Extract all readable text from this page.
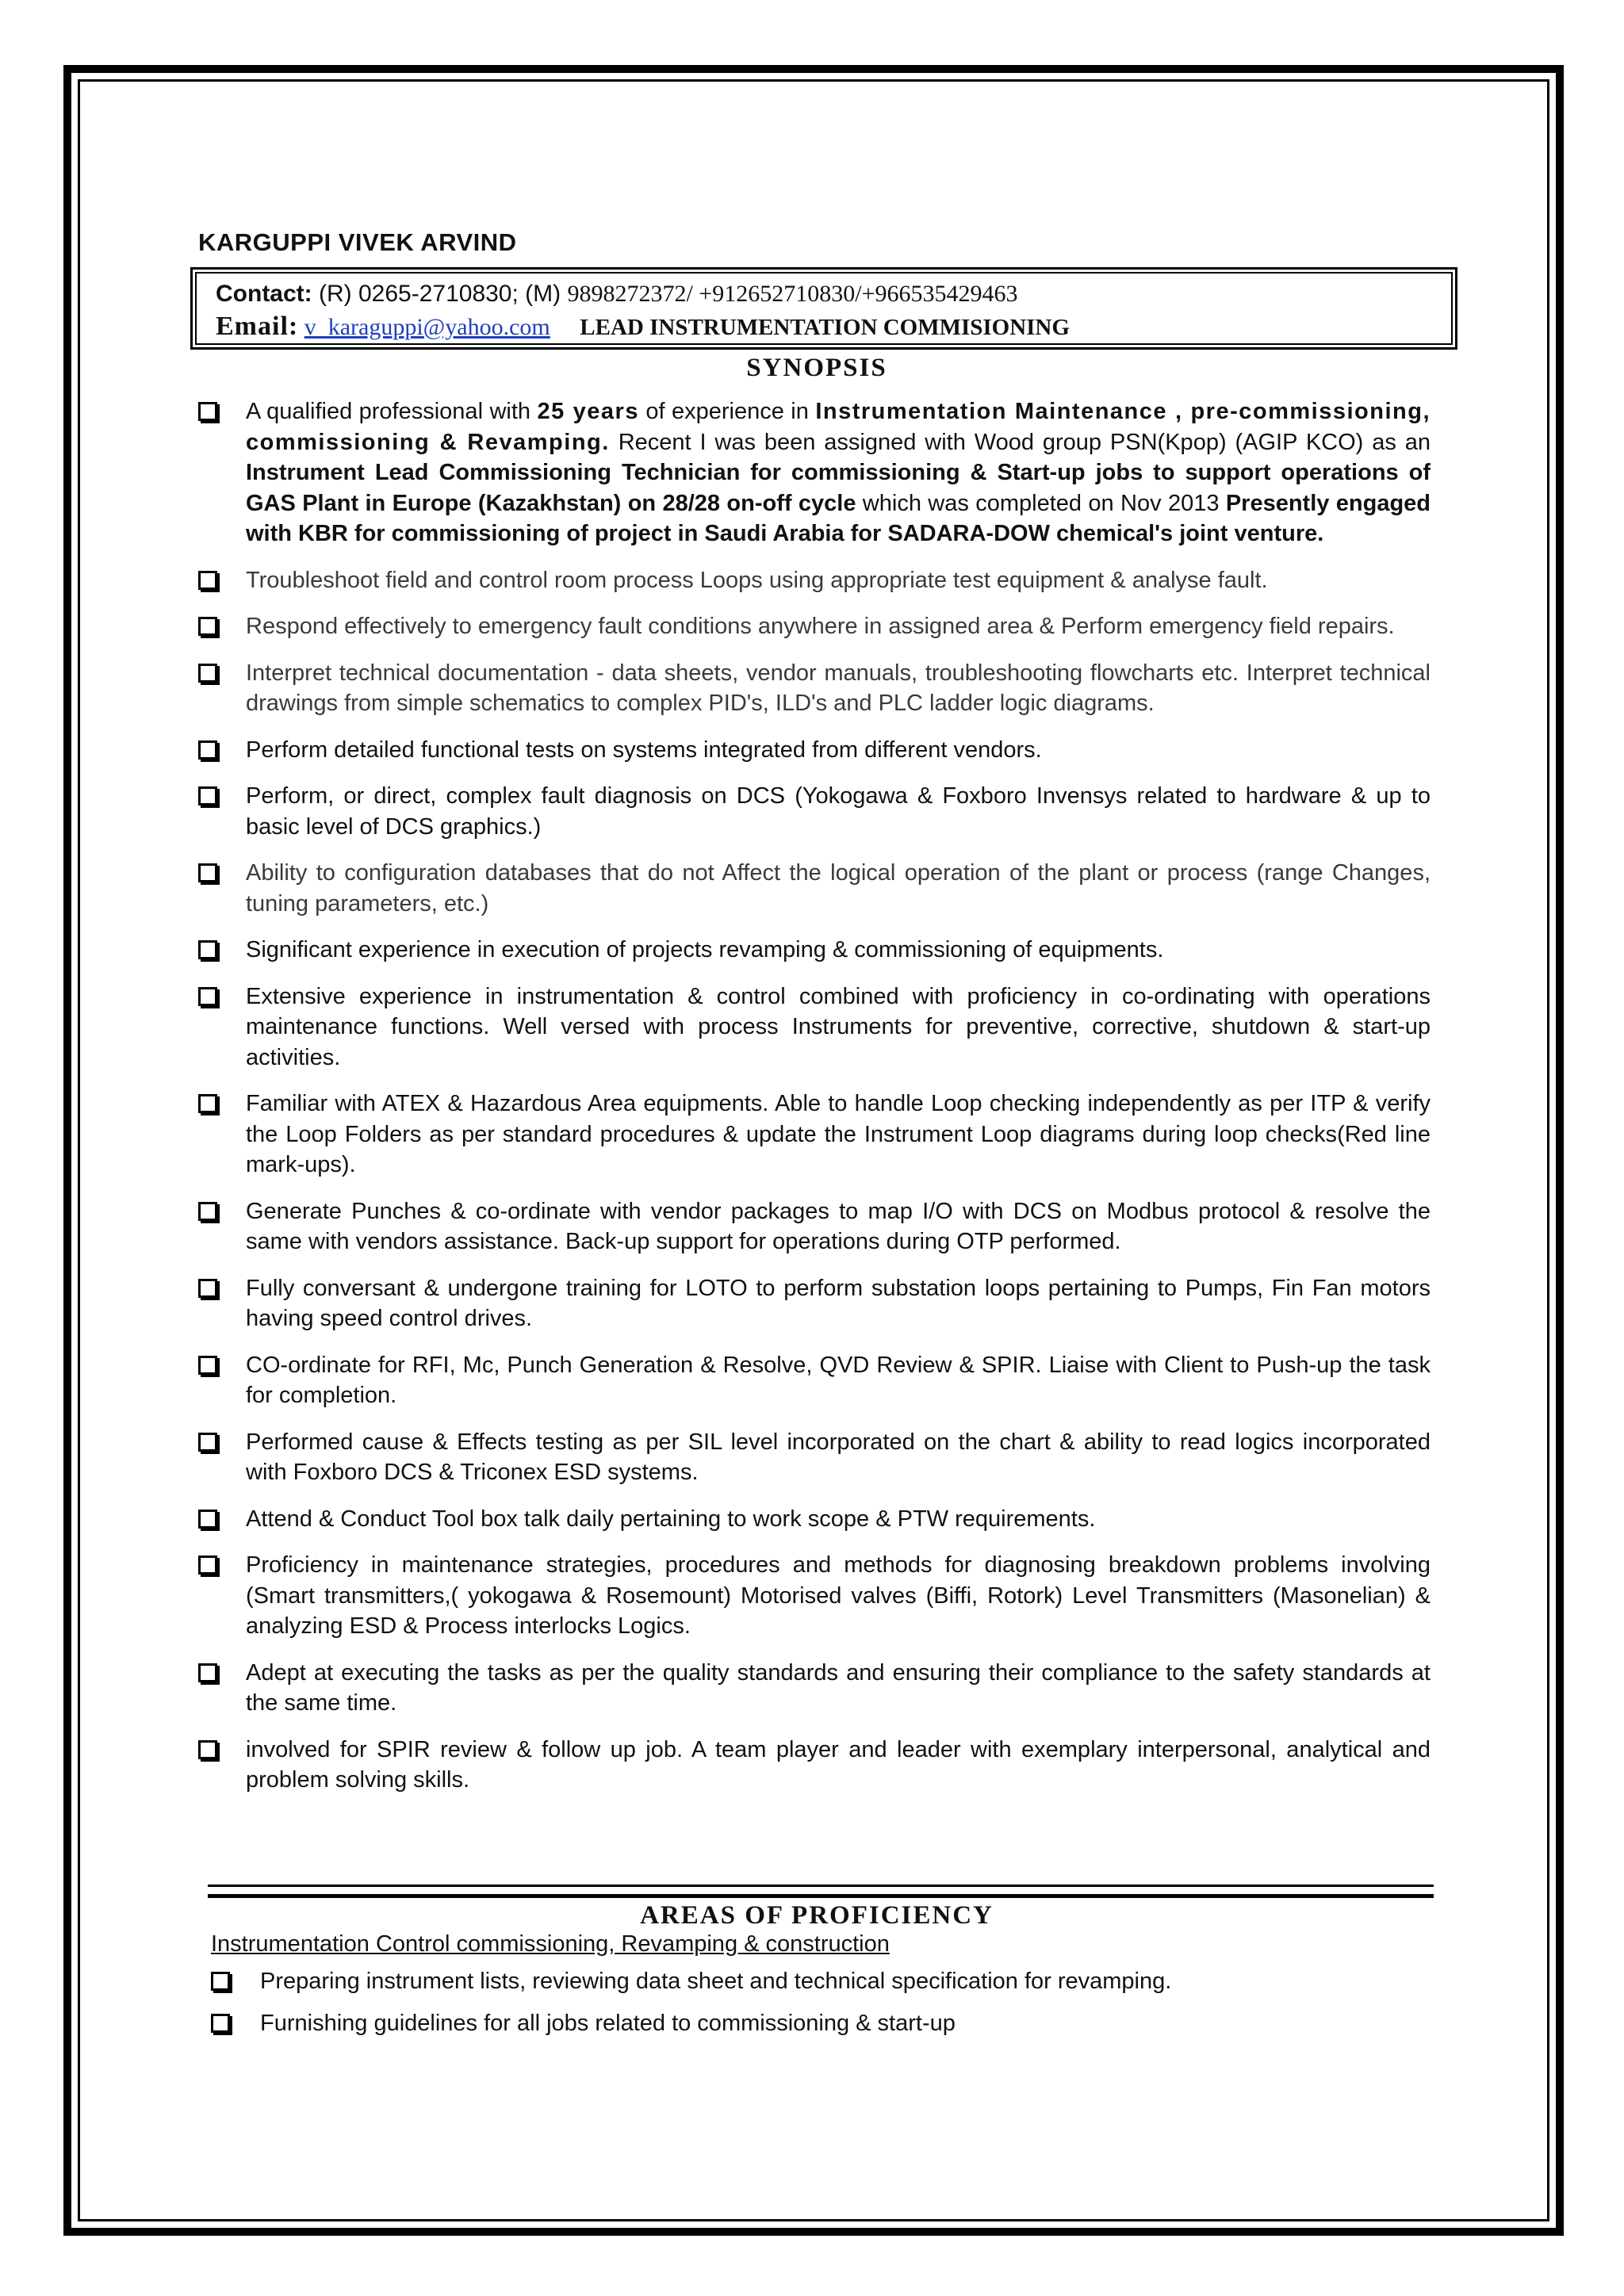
KARGUPPI VIVEK ARVIND
Contact: (R) 0265-2710830; (M) 9898272372/ +912652710830/+966535429463
Email: v_karaguppi@yahoo.com LEAD INSTRUMENTATION COMMISIONING
SYNOPSIS
A qualified professional with 25 years of experience in Instrumentation Maintenance , pre-commissioning, commissioning & Revamping. Recent I was been assigned with Wood group PSN(Kpop) (AGIP KCO) as an Instrument Lead Commissioning Technician for commissioning & Start-up jobs to support operations of GAS Plant in Europe (Kazakhstan) on 28/28 on-off cycle which was completed on Nov 2013 Presently engaged with KBR for commissioning of project in Saudi Arabia for SADARA-DOW chemical's joint venture.
Troubleshoot field and control room process Loops using appropriate test equipment & analyse fault.
Respond effectively to emergency fault conditions anywhere in assigned area & Perform emergency field repairs.
Interpret technical documentation - data sheets, vendor manuals, troubleshooting flowcharts etc. Interpret technical drawings from simple schematics to complex PID's, ILD's and PLC ladder logic diagrams.
Perform detailed functional tests on systems integrated from different vendors.
Perform, or direct, complex fault diagnosis on DCS (Yokogawa & Foxboro Invensys related to hardware & up to basic level of DCS graphics.)
Ability to configuration databases that do not Affect the logical operation of the plant or process (range Changes, tuning parameters, etc.)
Significant experience in execution of projects revamping & commissioning of equipments.
Extensive experience in instrumentation & control combined with proficiency in co-ordinating with operations maintenance functions. Well versed with process Instruments for preventive, corrective, shutdown & start-up activities.
Familiar with ATEX & Hazardous Area equipments. Able to handle Loop checking independently as per ITP & verify the Loop Folders as per standard procedures & update the Instrument Loop diagrams during loop checks(Red line mark-ups).
Generate Punches & co-ordinate with vendor packages to map I/O with DCS on Modbus protocol & resolve the same with vendors assistance. Back-up support for operations during OTP performed.
Fully conversant & undergone training for LOTO to perform substation loops pertaining to Pumps, Fin Fan motors having speed control drives.
CO-ordinate for RFI, Mc, Punch Generation & Resolve, QVD Review & SPIR. Liaise with Client to Push-up the task for completion.
Performed cause & Effects testing as per SIL level incorporated on the chart & ability to read logics incorporated with Foxboro DCS & Triconex ESD systems.
Attend & Conduct Tool box talk daily pertaining to work scope & PTW requirements.
Proficiency in maintenance strategies, procedures and methods for diagnosing breakdown problems involving (Smart transmitters,( yokogawa & Rosemount) Motorised valves (Biffi, Rotork) Level Transmitters (Masonelian) & analyzing ESD & Process interlocks Logics.
Adept at executing the tasks as per the quality standards and ensuring their compliance to the safety standards at the same time.
involved for SPIR review & follow up job. A team player and leader with exemplary interpersonal, analytical and problem solving skills.
AREAS OF PROFICIENCY
Instrumentation Control commissioning, Revamping & construction
Preparing instrument lists, reviewing data sheet and technical specification for revamping.
Furnishing guidelines for all jobs related to commissioning & start-up
